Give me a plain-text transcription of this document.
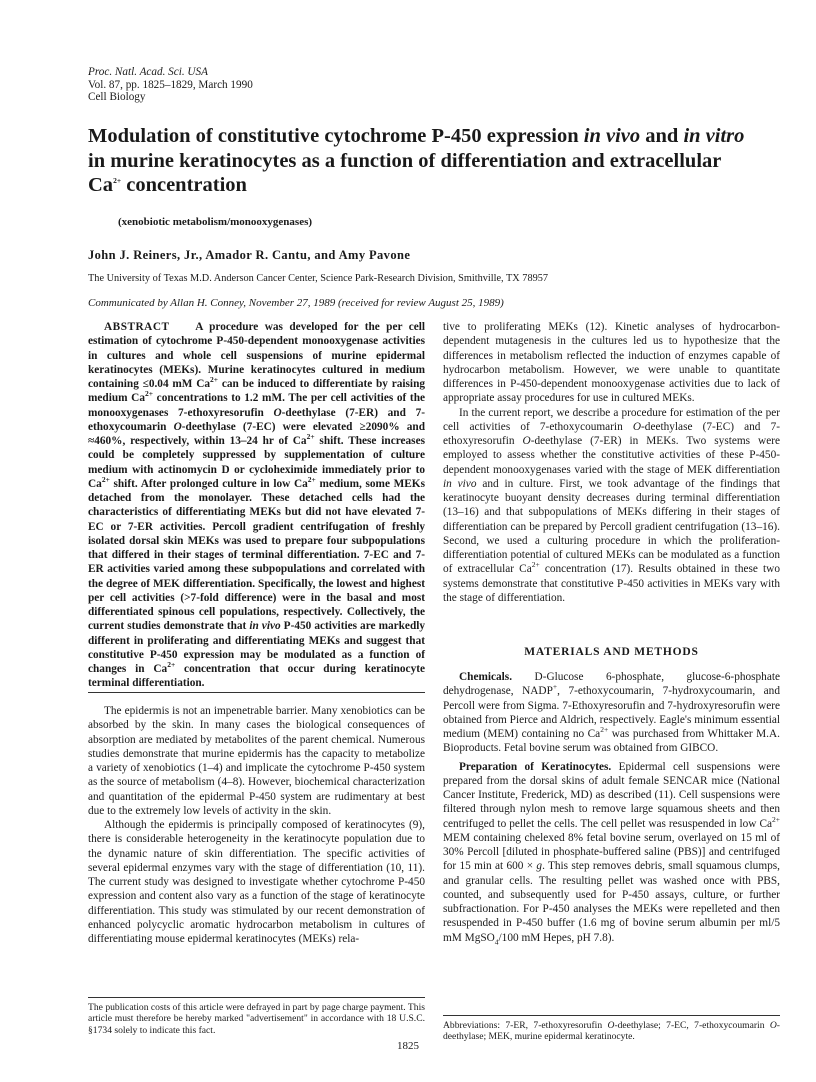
Proc. Natl. Acad. Sci. USA
Vol. 87, pp. 1825–1829, March 1990
Cell Biology
Modulation of constitutive cytochrome P-450 expression in vivo and in vitro in murine keratinocytes as a function of differentiation and extracellular $Ca^{2+}$ concentration
(xenobiotic metabolism/monooxygenases)
John J. Reiners, Jr., Amador R. Cantu, and Amy Pavone
The University of Texas M.D. Anderson Cancer Center, Science Park-Research Division, Smithville, TX 78957
Communicated by Allan H. Conney, November 27, 1989 (received for review August 25, 1989)

ABSTRACT A procedure was developed for the per cell estimation of cytochrome P-450-dependent monooxygenase activities in cultures and whole cell suspensions of murine epidermal keratinocytes (MEKs). Murine keratinocytes cultured in medium containing ≤0.04 mM $Ca^{2+}$ can be induced to differentiate by raising medium $Ca^{2+}$ concentrations to 1.2 mM. The per cell activities of the monooxygenases 7-ethoxyresorufin O-deethylase (7-ER) and 7-ethoxycoumarin O-deethylase (7-EC) were elevated ≥2090% and ≈460%, respectively, within 13–24 hr of $Ca^{2+}$ shift. These increases could be completely suppressed by supplementation of culture medium with actinomycin D or cycloheximide immediately prior to $Ca^{2+}$ shift. After prolonged culture in low $Ca^{2+}$ medium, some MEKs detached from the monolayer. These detached cells had the characteristics of differentiating MEKs but did not have elevated 7-EC or 7-ER activities. Percoll gradient centrifugation of freshly isolated dorsal skin MEKs was used to prepare four subpopulations that differed in their stages of terminal differentiation. 7-EC and 7-ER activities varied among these subpopulations and correlated with the degree of MEK differentiation. Specifically, the lowest and highest per cell activities (>7-fold difference) were in the basal and most differentiated spinous cell populations, respectively. Collectively, the current studies demonstrate that in vivo P-450 activities are markedly different in proliferating and differentiating MEKs and suggest that constitutive P-450 expression may be modulated as a function of changes in $Ca^{2+}$ concentration that occur during keratinocyte terminal differentiation.

The epidermis is not an impenetrable barrier. Many xenobiotics can be absorbed by the skin. In many cases the biological consequences of absorption are mediated by metabolites of the parent chemical. Numerous studies demonstrate that murine epidermis has the capacity to metabolize a variety of xenobiotics (1–4) and implicate the cytochrome P-450 system as the source of metabolism (4–8). However, biochemical characterization and quantitation of the epidermal P-450 system are rudimentary at best due to the extremely low levels of activity in the skin.

Although the epidermis is principally composed of keratinocytes (9), there is considerable heterogeneity in the keratinocyte population due to the dynamic nature of skin differentiation. The specific activities of several epidermal enzymes vary with the stage of differentiation (10, 11). The current study was designed to investigate whether cytochrome P-450 expression and content also vary as a function of the stage of keratinocyte differentiation. This study was stimulated by our recent demonstration of enhanced polycyclic aromatic hydrocarbon metabolism in cultures of differentiating mouse epidermal keratinocytes (MEKs) rela-

tive to proliferating MEKs (12). Kinetic analyses of hydrocarbon-dependent mutagenesis in the cultures led us to hypothesize that the differences in metabolism reflected the induction of enzymes capable of hydrocarbon metabolism. However, we were unable to quantitate differences in P-450-dependent monooxygenase activities due to lack of appropriate assay procedures for use in cultured MEKs.

In the current report, we describe a procedure for estimation of the per cell activities of 7-ethoxycoumarin O-deethylase (7-EC) and 7-ethoxyresorufin O-deethylase (7-ER) in MEKs. Two systems were employed to assess whether the constitutive activities of these P-450-dependent monooxygenases varied with the stage of MEK differentiation in vivo and in culture. First, we took advantage of the findings that keratinocyte buoyant density decreases during terminal differentiation (13–16) and that subpopulations of MEKs differing in their stages of differentiation can be prepared by Percoll gradient centrifugation (13–16). Second, we used a culturing procedure in which the proliferation-differentiation potential of cultured MEKs can be modulated as a function of extracellular $Ca^{2+}$ concentration (17). Results obtained in these two systems demonstrate that constitutive P-450 activities in MEKs vary with the stage of differentiation.

MATERIALS AND METHODS

Chemicals. D-Glucose 6-phosphate, glucose-6-phosphate dehydrogenase, NADP+, 7-ethoxycoumarin, 7-hydroxycoumarin, and Percoll were from Sigma. 7-Ethoxyresorufin and 7-hydroxyresorufin were obtained from Pierce and Aldrich, respectively. Eagle's minimum essential medium (MEM) containing no $Ca^{2+}$ was purchased from Whittaker M.A. Bioproducts. Fetal bovine serum was obtained from GIBCO.

Preparation of Keratinocytes. Epidermal cell suspensions were prepared from the dorsal skins of adult female SENCAR mice (National Cancer Institute, Frederick, MD) as described (11). Cell suspensions were filtered through nylon mesh to remove large squamous sheets and then centrifuged to pellet the cells. The cell pellet was resuspended in low $Ca^{2+}$ MEM containing chelexed 8% fetal bovine serum, overlayed on 15 ml of 30% Percoll [diluted in phosphate-buffered saline (PBS)] and centrifuged for 15 min at 600 × g. This step removes debris, small squamous clumps, and granular cells. The resulting pellet was washed once with PBS, counted, and subsequently used for P-450 assays, culture, or further subfractionation. For P-450 analyses the MEKs were repelleted and then resuspended in P-450 buffer (1.6 mg of bovine serum albumin per ml/5 mM MgSO$_4$/100 mM Hepes, pH 7.8).

The publication costs of this article were defrayed in part by page charge payment. This article must therefore be hereby marked "advertisement" in accordance with 18 U.S.C. §1734 solely to indicate this fact.	Abbreviations: 7-ER, 7-ethoxyresorufin O-deethylase; 7-EC, 7-ethoxycoumarin O-deethylase; MEK, murine epidermal keratinocyte.
1825
